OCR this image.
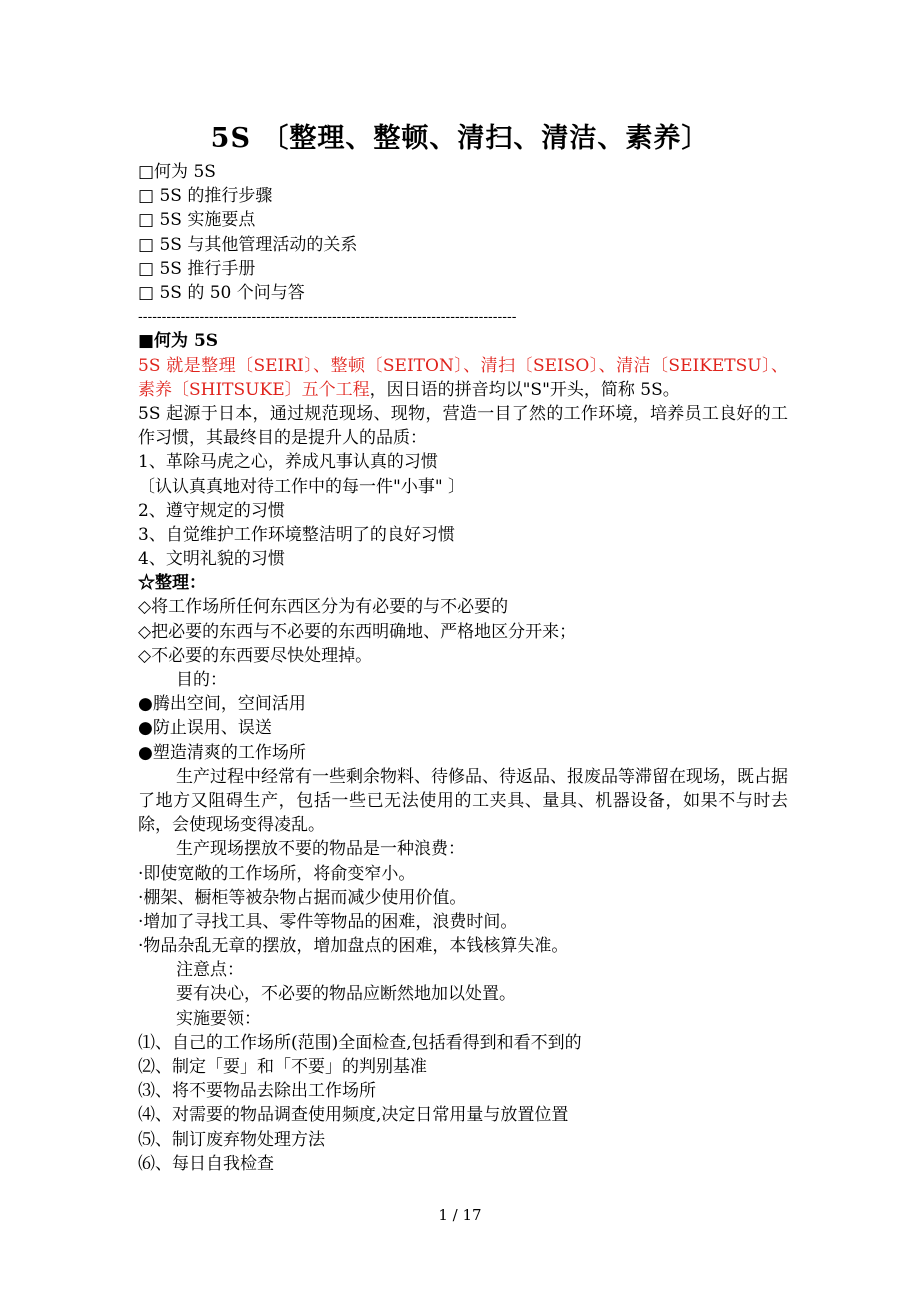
5S 〔整理、整顿、清扫、清洁、素养〕
□何为 5S
□ 5S 的推行步骤
□ 5S 实施要点
□ 5S 与其他管理活动的关系
□ 5S 推行手册
□ 5S 的 50 个问与答
--------------------------------------------------------------------------------
■何为 5S
5S 就是整理〔SEIRI〕、整顿〔SEITON〕、清扫〔SEISO〕、清洁〔SEIKETSU〕、素养〔SHITSUKE〕五个工程，因日语的拼音均以"S"开头，简称 5S。
5S 起源于日本，通过规范现场、现物，营造一目了然的工作环境，培养员工良好的工作习惯，其最终目的是提升人的品质：
1、革除马虎之心，养成凡事认真的习惯
〔认认真真地对待工作中的每一件"小事" 〕
2、遵守规定的习惯
3、自觉维护工作环境整洁明了的良好习惯
4、文明礼貌的习惯
☆整理：
◇将工作场所任何东西区分为有必要的与不必要的
◇把必要的东西与不必要的东西明确地、严格地区分开来；
◇不必要的东西要尽快处理掉。
目的：
●腾出空间，空间活用
●防止误用、误送
●塑造清爽的工作场所
生产过程中经常有一些剩余物料、待修品、待返品、报废品等滞留在现场，既占据了地方又阻碍生产，包括一些已无法使用的工夹具、量具、机器设备，如果不与时去除，会使现场变得凌乱。
生产现场摆放不要的物品是一种浪费：
·即使宽敞的工作场所，将俞变窄小。
·棚架、橱柜等被杂物占据而减少使用价值。
·增加了寻找工具、零件等物品的困难，浪费时间。
·物品杂乱无章的摆放，增加盘点的困难，本钱核算失准。
注意点：
要有决心，不必要的物品应断然地加以处置。
实施要领：
⑴、自己的工作场所(范围)全面检查,包括看得到和看不到的
⑵、制定「要」和「不要」的判别基准
⑶、将不要物品去除出工作场所
⑷、对需要的物品调查使用频度,决定日常用量与放置位置
⑸、制订废弃物处理方法
⑹、每日自我检查
1 / 17
